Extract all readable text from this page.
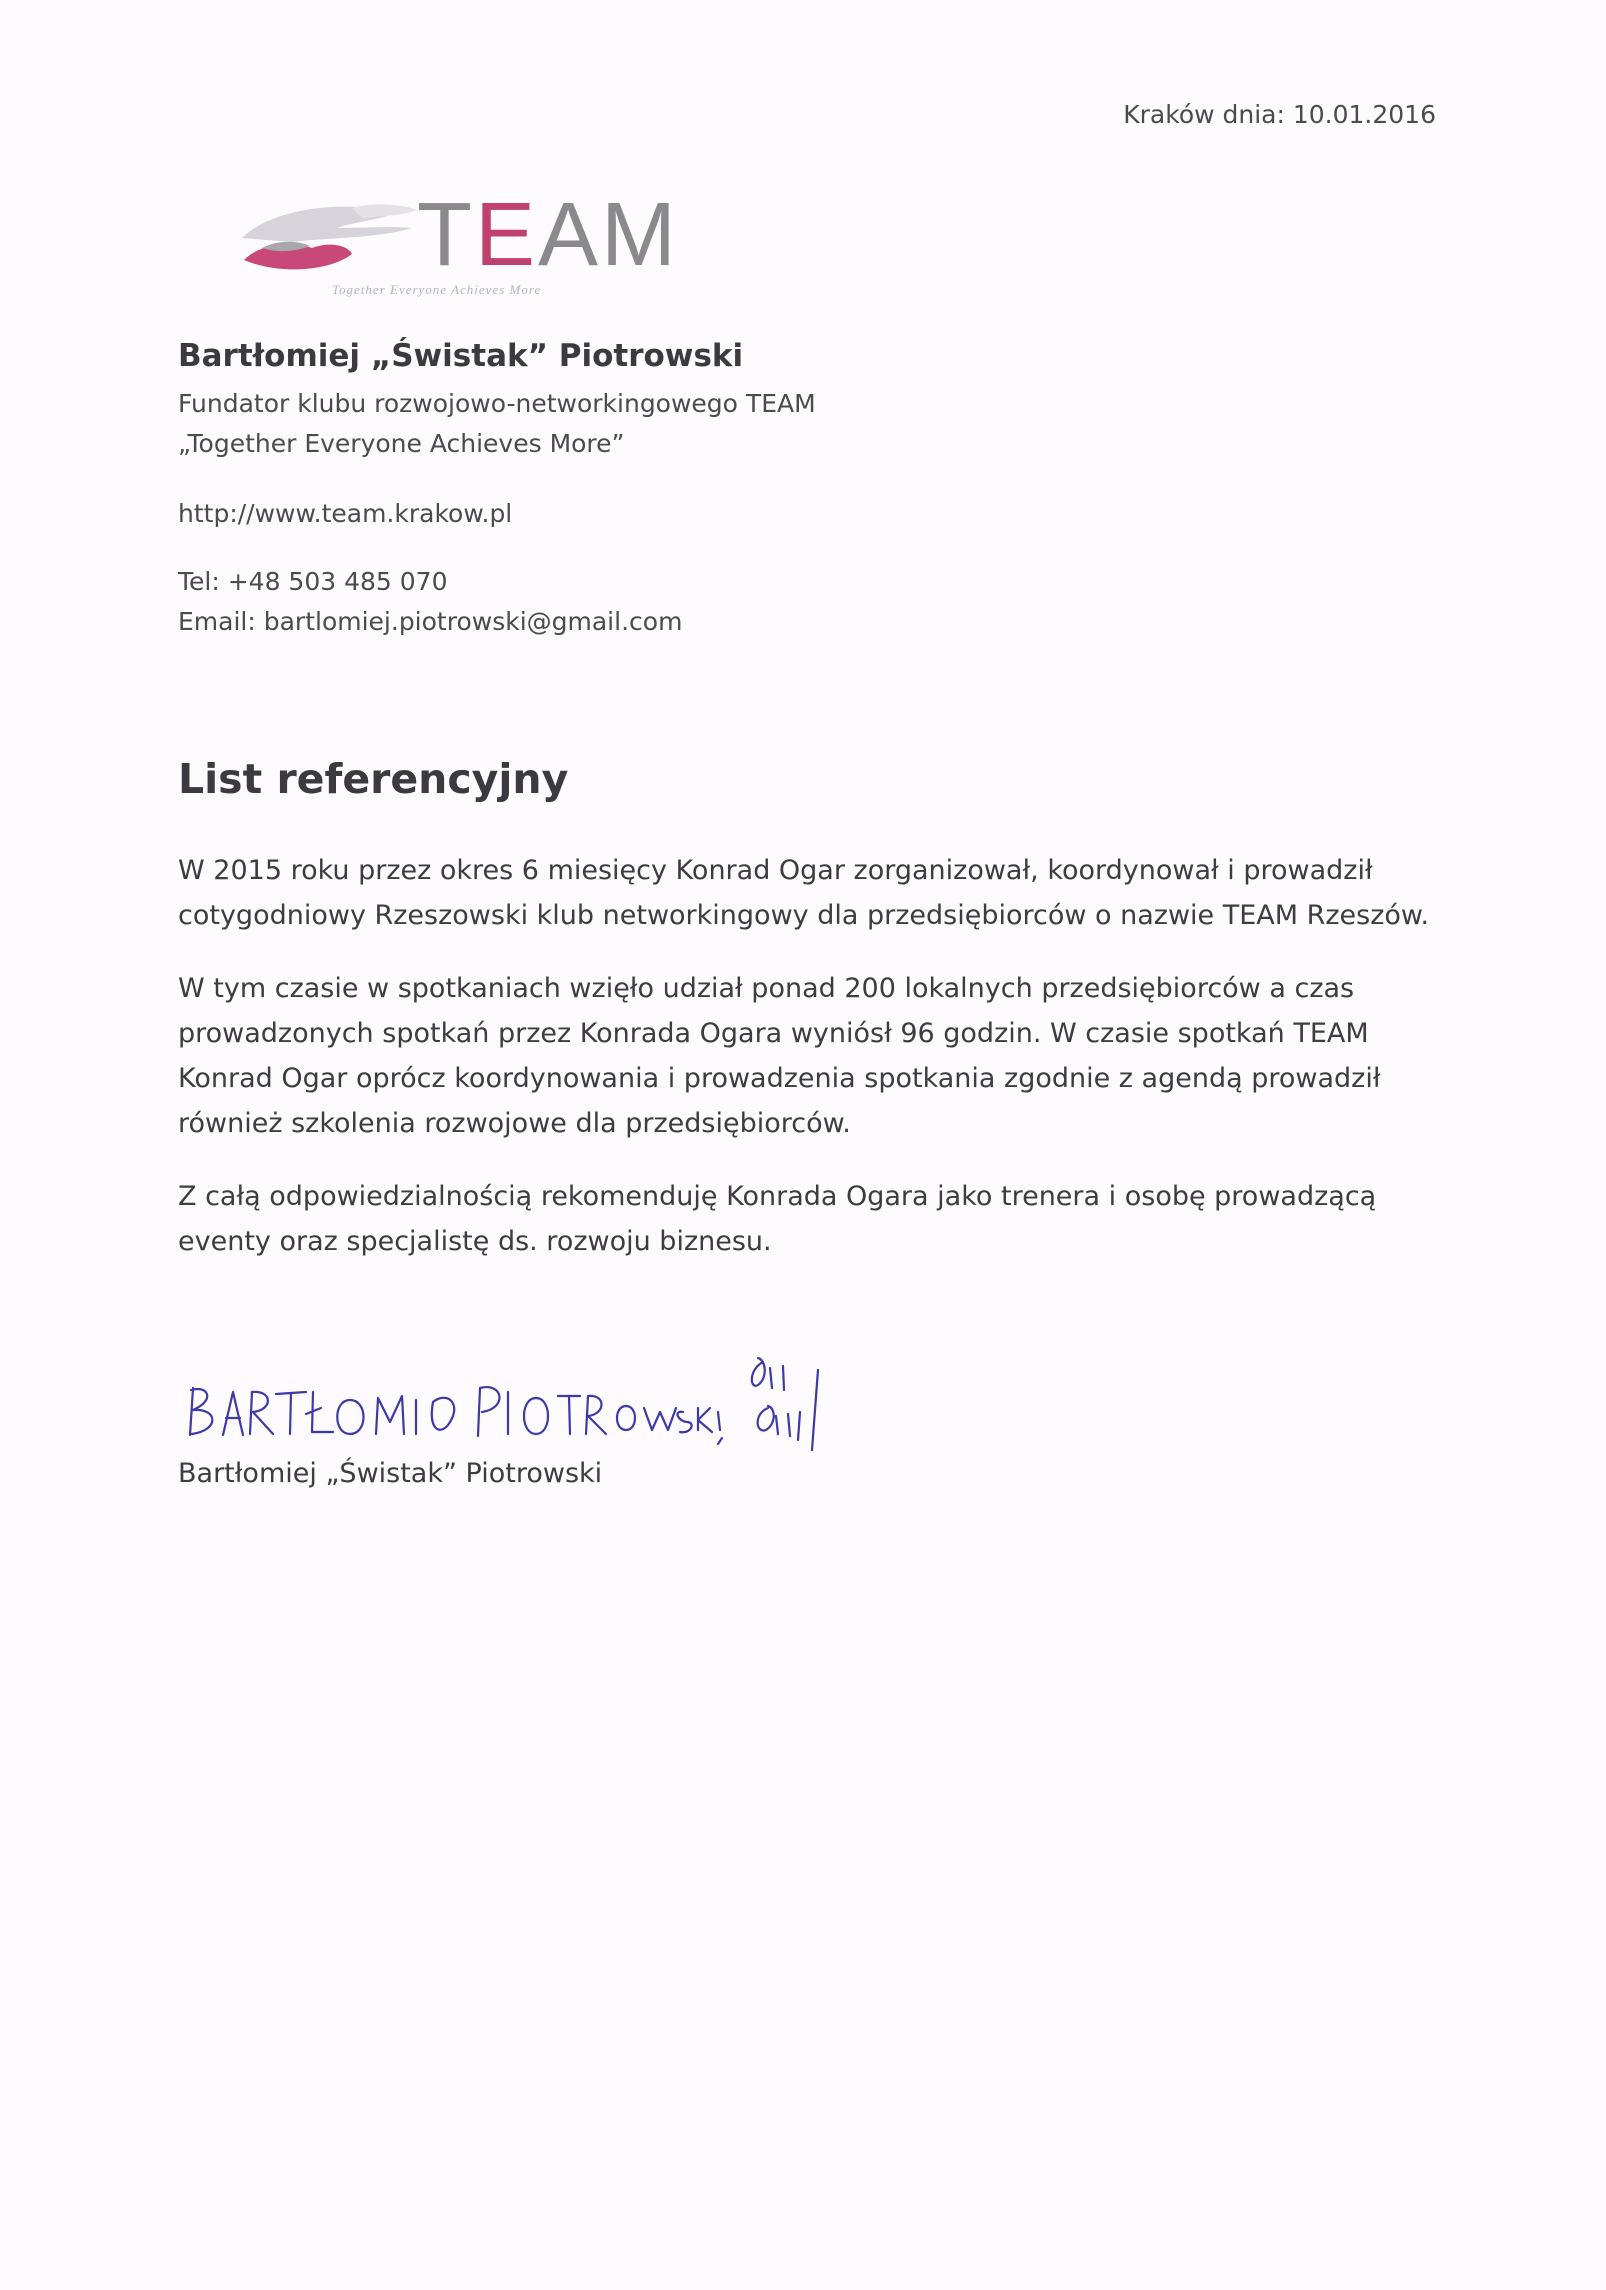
Kraków dnia: 10.01.2016
TEAM
Together Everyone Achieves More

Bartłomiej „Świstak” Piotrowski

Fundator klubu rozwojowo-networkingowego TEAM

„Together Everyone Achieves More”

http://www.team.krakow.pl

Tel: +48 503 485 070

Email: bartlomiej.piotrowski@gmail.com

List referencyjny

W 2015 roku przez okres 6 miesięcy Konrad Ogar zorganizował, koordynował i prowadził cotygodniowy Rzeszowski klub networkingowy dla przedsiębiorców o nazwie TEAM Rzeszów.

W tym czasie w spotkaniach wzięło udział ponad 200 lokalnych przedsiębiorców a czas prowadzonych spotkań przez Konrada Ogara wyniósł 96 godzin. W czasie spotkań TEAM Konrad Ogar oprócz koordynowania i prowadzenia spotkania zgodnie z agendą prowadził również szkolenia rozwojowe dla przedsiębiorców.

Z całą odpowiedzialnością rekomenduję Konrada Ogara jako trenera i osobę prowadzącą eventy oraz specjalistę ds. rozwoju biznesu.

Bartłomiej „Świstak” Piotrowski
